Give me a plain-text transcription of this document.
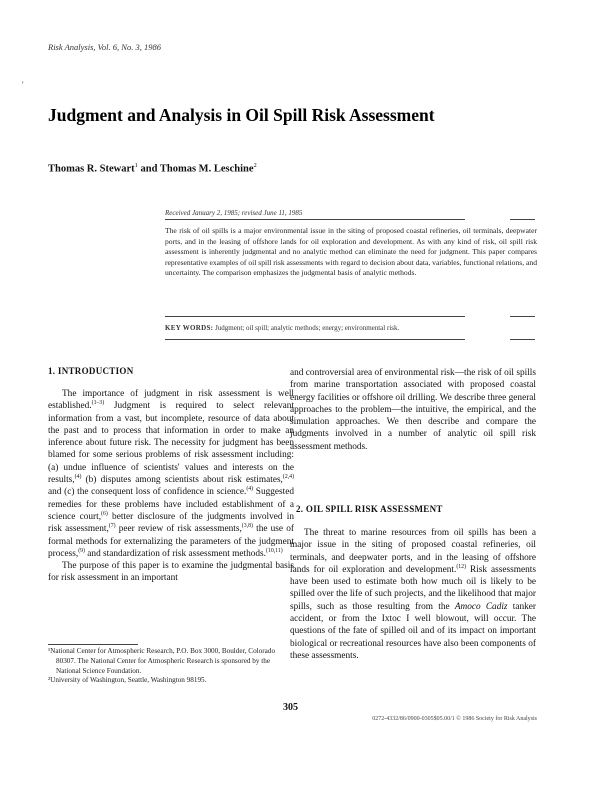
Risk Analysis, Vol. 6, No. 3, 1986
'
Judgment and Analysis in Oil Spill Risk Assessment
Thomas R. Stewart$^1$ and Thomas M. Leschine$^2$
Received January 2, 1985; revised June 11, 1985
The risk of oil spills is a major environmental issue in the siting of proposed coastal refineries, oil terminals, deepwater ports, and in the leasing of offshore lands for oil exploration and development. As with any kind of risk, oil spill risk assessment is inherently judgmental and no analytic method can eliminate the need for judgment. This paper compares representative examples of oil spill risk assessments with regard to decision about data, variables, functional relations, and uncertainty. The comparison emphasizes the judgmental basis of analytic methods.
KEY WORDS: Judgment; oil spill; analytic methods; energy; environmental risk.
1. INTRODUCTION

The importance of judgment in risk assessment is well established.$^{(1-3)}$ Judgment is required to select relevant information from a vast, but incomplete, resource of data about the past and to process that information in order to make an inference about future risk. The necessity for judgment has been blamed for some serious problems of risk assessment including: (a) undue influence of scientists' values and interests on the results,$^{(4)}$ (b) disputes among scientists about risk estimates,$^{(2,4)}$ and (c) the consequent loss of confidence in science.$^{(4)}$ Suggested remedies for these problems have included establishment of a science court,$^{(6)}$ better disclosure of the judgments involved in risk assessment,$^{(7)}$ peer review of risk assessments,$^{(3,8)}$ the use of formal methods for externalizing the parameters of the judgment process,$^{(9)}$ and standardization of risk assessment methods.$^{(10,11)}$

The purpose of this paper is to examine the judgmental basis for risk assessment in an important

and controversial area of environmental risk—the risk of oil spills from marine transportation associated with proposed coastal energy facilities or offshore oil drilling. We describe three general approaches to the problem—the intuitive, the empirical, and the simulation approaches. We then describe and compare the judgments involved in a number of analytic oil spill risk assessment methods.

2. OIL SPILL RISK ASSESSMENT

The threat to marine resources from oil spills has been a major issue in the siting of proposed coastal refineries, oil terminals, and deepwater ports, and in the leasing of offshore lands for oil exploration and development.$^{(12)}$ Risk assessments have been used to estimate both how much oil is likely to be spilled over the life of such projects, and the likelihood that major spills, such as those resulting from the Amoco Cadiz tanker accident, or from the Ixtoc I well blowout, will occur. The questions of the fate of spilled oil and of its impact on important biological or recreational resources have also been components of these assessments.

¹National Center for Atmospheric Research, P.O. Box 3000, Boulder, Colorado 80307. The National Center for Atmospheric Research is sponsored by the National Science Foundation.

²University of Washington, Seattle, Washington 98195.

305
0272-4332/86/0900-0305$05.00/1 © 1986 Society for Risk Analysis
